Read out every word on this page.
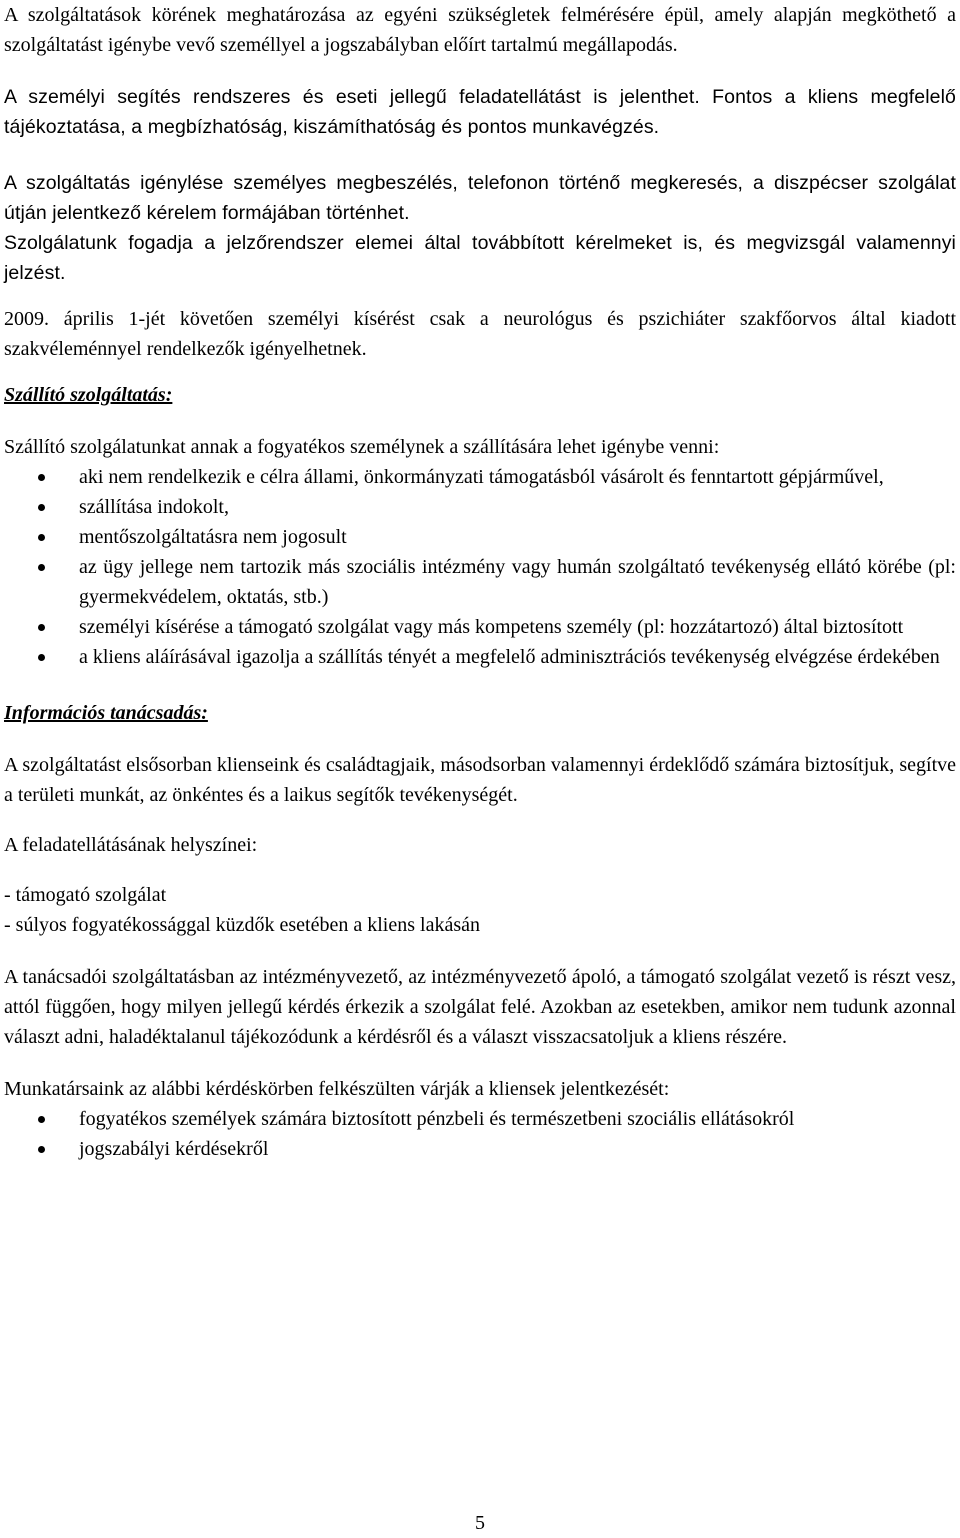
A szolgáltatások körének meghatározása az egyéni szükségletek felmérésére épül, amely alapján megköthető a szolgáltatást igénybe vevő személlyel a jogszabályban előírt tartalmú megállapodás.

A személyi segítés rendszeres és eseti jellegű feladatellátást is jelenthet. Fontos a kliens megfelelő tájékoztatása, a megbízhatóság, kiszámíthatóság és pontos munkavégzés.

A szolgáltatás igénylése személyes megbeszélés, telefonon történő megkeresés, a diszpécser szolgálat útján jelentkező kérelem formájában történhet.

Szolgálatunk fogadja a jelzőrendszer elemei által továbbított kérelmeket is, és megvizsgál valamennyi jelzést.

2009. április 1-jét követően személyi kísérést csak a neurológus és pszichiáter szakfőorvos által kiadott szakvéleménnyel rendelkezők igényelhetnek.

Szállító szolgáltatás:

Szállító szolgálatunkat annak a fogyatékos személynek a szállítására lehet igénybe venni:

aki nem rendelkezik e célra állami, önkormányzati támogatásból vásárolt és fenntartott gépjárművel,
szállítása indokolt,
mentőszolgáltatásra nem jogosult
az ügy jellege nem tartozik más szociális intézmény vagy humán szolgáltató tevékenység ellátó körébe (pl: gyermekvédelem, oktatás, stb.)
személyi kísérése a támogató szolgálat vagy más kompetens személy (pl: hozzátartozó) által biztosított
a kliens aláírásával igazolja a szállítás tényét a megfelelő adminisztrációs tevékenység elvégzése érdekében

Információs tanácsadás:

A szolgáltatást elsősorban klienseink és családtagjaik, másodsorban valamennyi érdeklődő számára biztosítjuk, segítve a területi munkát, az önkéntes és a laikus segítők tevékenységét.

A feladatellátásának helyszínei:

- támogató szolgálat

- súlyos fogyatékossággal küzdők esetében a kliens lakásán

A tanácsadói szolgáltatásban az intézményvezető, az intézményvezető ápoló, a támogató szolgálat vezető is részt vesz, attól függően, hogy milyen jellegű kérdés érkezik a szolgálat felé. Azokban az esetekben, amikor nem tudunk azonnal választ adni, haladéktalanul tájékozódunk a kérdésről és a választ visszacsatoljuk a kliens részére.

Munkatársaink az alábbi kérdéskörben felkészülten várják a kliensek jelentkezését:

fogyatékos személyek számára biztosított pénzbeli és természetbeni szociális ellátásokról
jogszabályi kérdésekről
5
